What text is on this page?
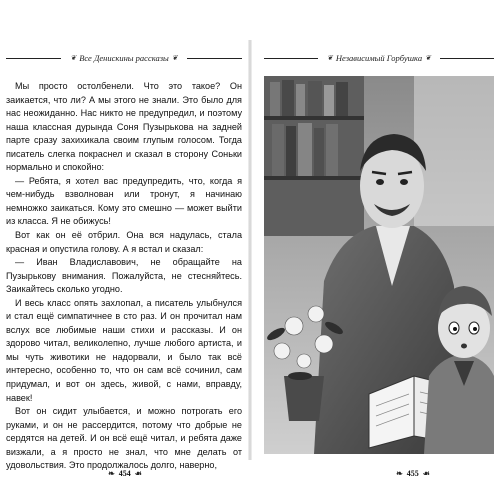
❦ Все Денискины рассказы ❦

Мы просто остолбенели. Что это такое? Он заикается, что ли? А мы этого не знали. Это было для нас неожиданно. Нас никто не предупредил, и поэтому наша классная дурында Соня Пузырькова на задней парте сразу захихикала своим глупым голосом. Тогда писатель слегка покраснел и сказал в сторону Соньки нормально и спокойно:

— Ребята, я хотел вас предупредить, что, когда я чем-нибудь взволнован или тронут, я начинаю немножко заикаться. Кому это смешно — может выйти из класса. Я не обижусь!

Вот как он её отбрил. Она вся надулась, стала красная и опустила голову. А я встал и сказал:

— Иван Владиславович, не обращайте на Пузырькову внимания. Пожалуйста, не стесняйтесь. Заикайтесь сколько угодно.

И весь класс опять захлопал, а писатель улыбнулся и стал ещё симпатичнее в сто раз. И он прочитал нам вслух все любимые наши стихи и рассказы. И он здорово читал, великолепно, лучше любого артиста, и мы чуть животики не надорвали, и было так всё интересно, особенно то, что он сам всё сочинил, сам придумал, и вот он здесь, живой, с нами, вправду, навек!

Вот он сидит улыбается, и можно потрогать его руками, и он не рассердится, потому что добрые не сердятся на детей. И он всё ещё читал, и ребята даже визжали, а я просто не знал, что мне делать от удовольствия. Это продолжалось долго, наверно,

❧ 454 ☙
❦ Независимый Горбушка ❦
❧ 455 ☙
